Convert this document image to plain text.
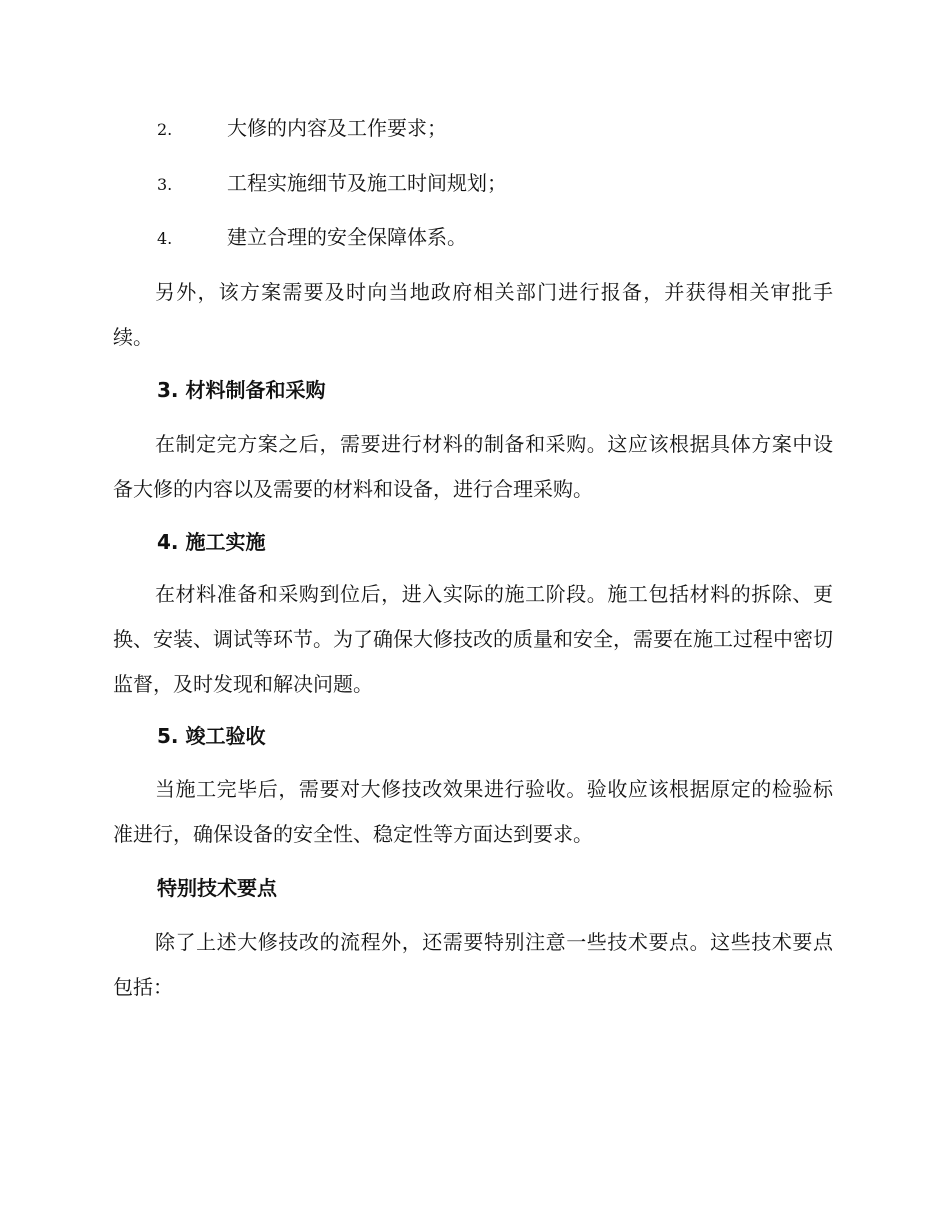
2.	大修的内容及工作要求；
3.	工程实施细节及施工时间规划；
4.	建立合理的安全保障体系。

另外，该方案需要及时向当地政府相关部门进行报备，并获得相关审批手续。

3. 材料制备和采购

在制定完方案之后，需要进行材料的制备和采购。这应该根据具体方案中设备大修的内容以及需要的材料和设备，进行合理采购。

4. 施工实施

在材料准备和采购到位后，进入实际的施工阶段。施工包括材料的拆除、更换、安装、调试等环节。为了确保大修技改的质量和安全，需要在施工过程中密切监督，及时发现和解决问题。

5. 竣工验收

当施工完毕后，需要对大修技改效果进行验收。验收应该根据原定的检验标准进行，确保设备的安全性、稳定性等方面达到要求。

特别技术要点

除了上述大修技改的流程外，还需要特别注意一些技术要点。这些技术要点包括：
